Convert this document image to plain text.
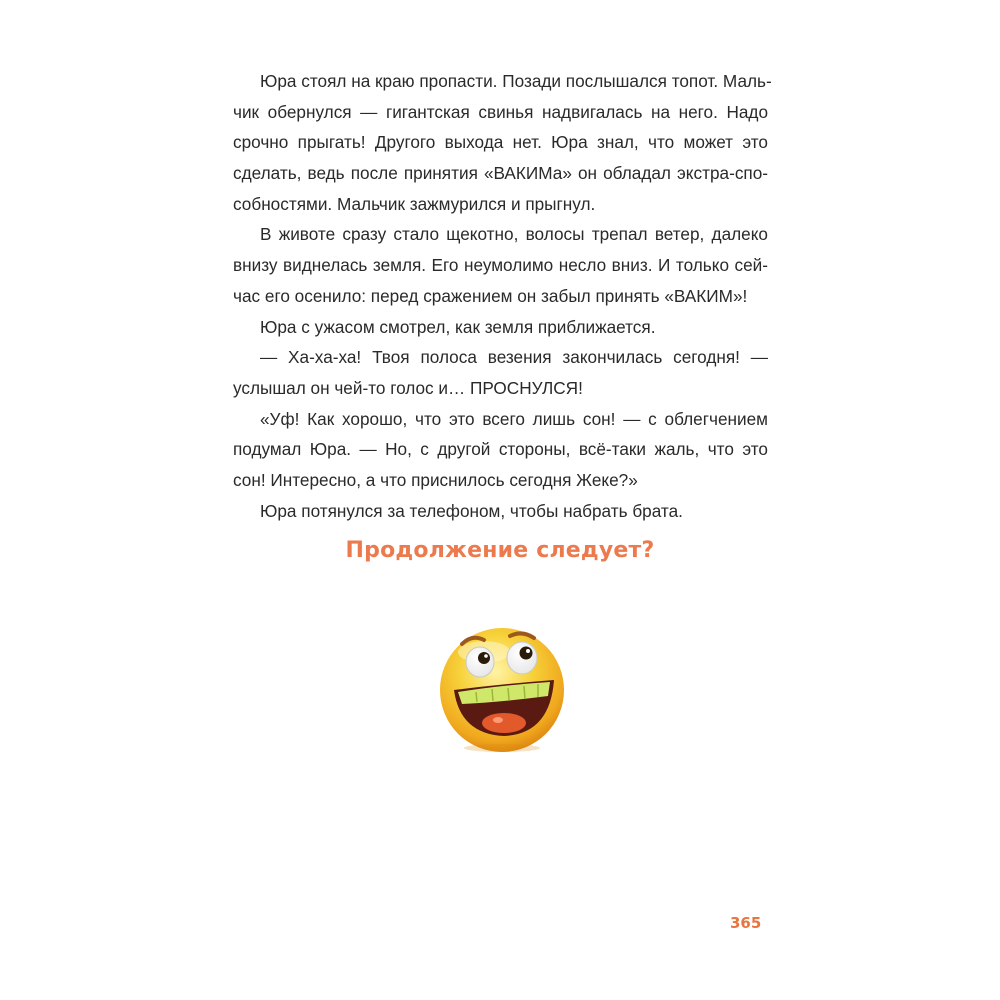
Юра стоял на краю пропасти. Позади послышался топот. Маль-
чик обернулся — гигантская свинья надвигалась на него. Надо
срочно прыгать! Другого выхода нет. Юра знал, что может это
сделать, ведь после принятия «ВАКИМа» он обладал экстра-спо-
собностями. Мальчик зажмурился и прыгнул.
В животе сразу стало щекотно, волосы трепал ветер, далеко
внизу виднелась земля. Его неумолимо несло вниз. И только сей-
час его осенило: перед сражением он забыл принять «ВАКИМ»!
Юра с ужасом смотрел, как земля приближается.
— Ха-ха-ха! Твоя полоса везения закончилась сегодня! —
услышал он чей-то голос и… ПРОСНУЛСЯ!
«Уф! Как хорошо, что это всего лишь сон! — с облегчением
подумал Юра. — Но, с другой стороны, всё-таки жаль, что это
сон! Интересно, а что приснилось сегодня Жеке?»
Юра потянулся за телефоном, чтобы набрать брата.
Продолжение следует?
365
